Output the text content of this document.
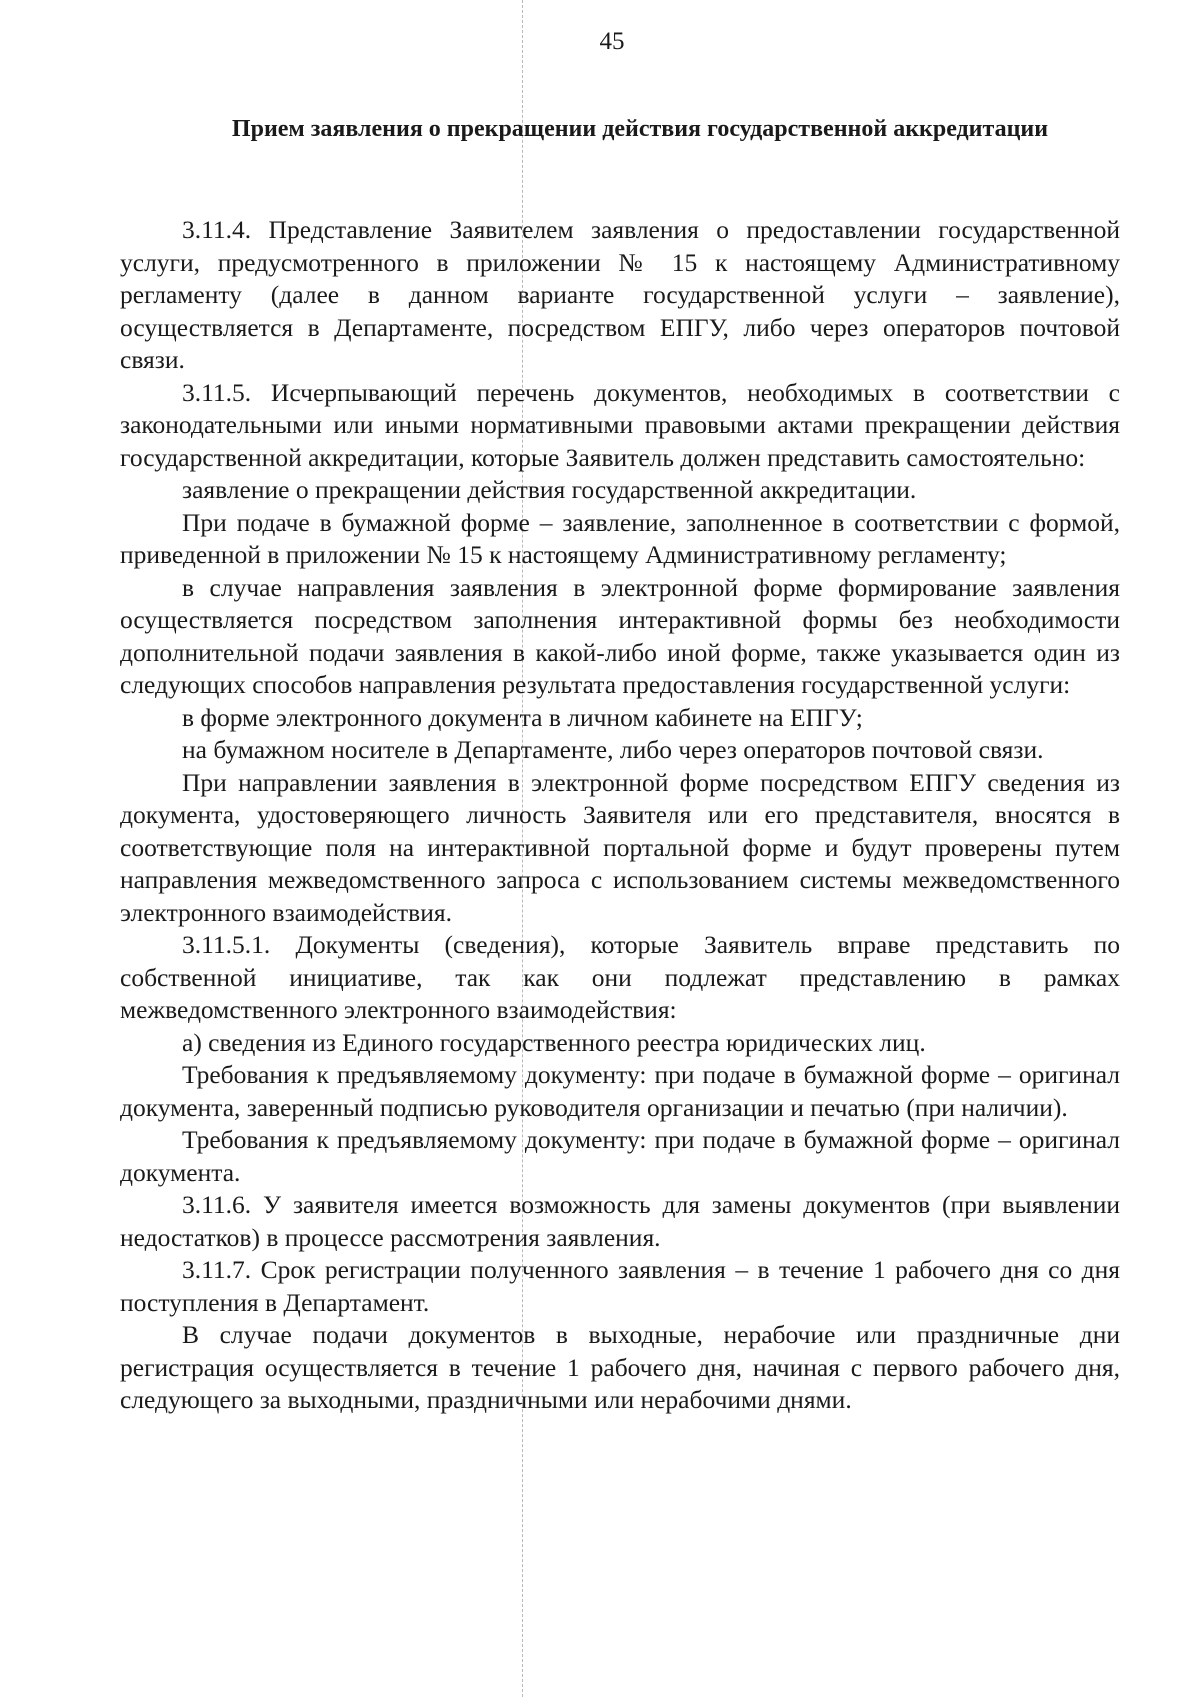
45
Прием заявления о прекращении действия государственной аккредитации

3.11.4. Представление Заявителем заявления о предоставлении государственной услуги, предусмотренного в приложении № 15 к настоящему Административному регламенту (далее в данном варианте государственной услуги – заявление), осуществляется в Департаменте, посредством ЕПГУ, либо через операторов почтовой связи.

3.11.5. Исчерпывающий перечень документов, необходимых в соответствии с законодательными или иными нормативными правовыми актами прекращении действия государственной аккредитации, которые Заявитель должен представить самостоятельно:

заявление о прекращении действия государственной аккредитации.

При подаче в бумажной форме – заявление, заполненное в соответствии с формой, приведенной в приложении № 15 к настоящему Административному регламенту;

в случае направления заявления в электронной форме формирование заявления осуществляется посредством заполнения интерактивной формы без необходимости дополнительной подачи заявления в какой-либо иной форме, также указывается один из следующих способов направления результата предоставления государственной услуги:

в форме электронного документа в личном кабинете на ЕПГУ;

на бумажном носителе в Департаменте, либо через операторов почтовой связи.

При направлении заявления в электронной форме посредством ЕПГУ сведения из документа, удостоверяющего личность Заявителя или его представителя, вносятся в соответствующие поля на интерактивной портальной форме и будут проверены путем направления межведомственного запроса с использованием системы межведомственного электронного взаимодействия.

3.11.5.1. Документы (сведения), которые Заявитель вправе представить по собственной инициативе, так как они подлежат представлению в рамках межведомственного электронного взаимодействия:

а) сведения из Единого государственного реестра юридических лиц.

Требования к предъявляемому документу: при подаче в бумажной форме – оригинал документа, заверенный подписью руководителя организации и печатью (при наличии).

Требования к предъявляемому документу: при подаче в бумажной форме – оригинал документа.

3.11.6. У заявителя имеется возможность для замены документов (при выявлении недостатков) в процессе рассмотрения заявления.

3.11.7. Срок регистрации полученного заявления – в течение 1 рабочего дня со дня поступления в Департамент.

В случае подачи документов в выходные, нерабочие или праздничные дни регистрация осуществляется в течение 1 рабочего дня, начиная с первого рабочего дня, следующего за выходными, праздничными или нерабочими днями.
